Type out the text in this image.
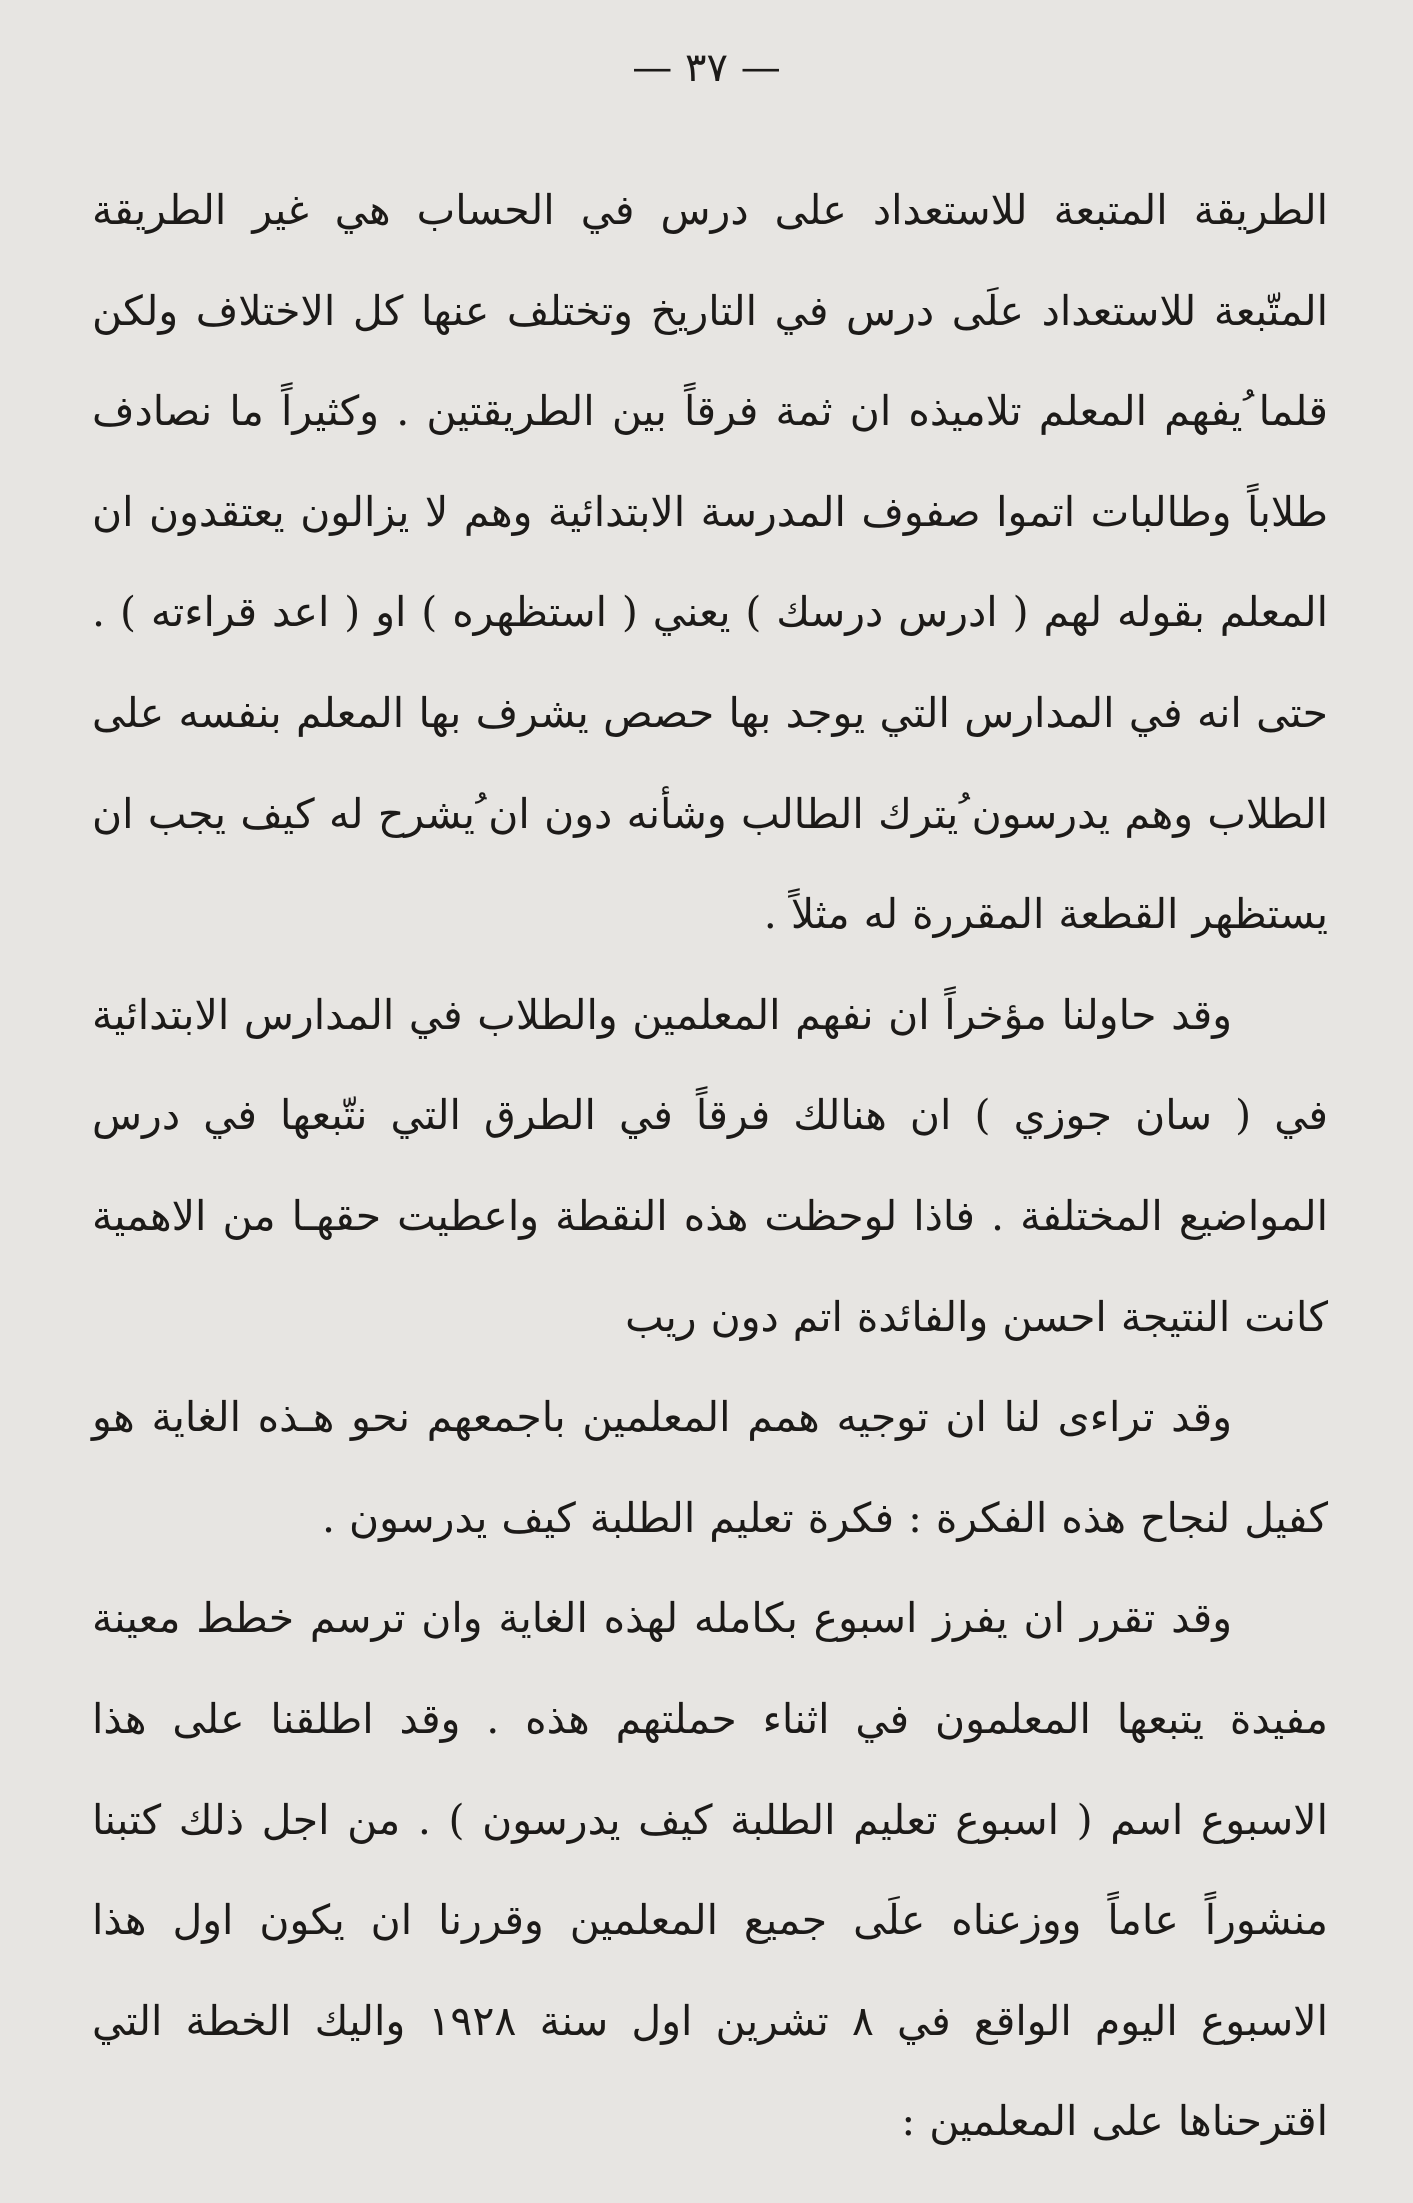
— ٣٧ —

الطريقة المتبعة للاستعداد على درس في الحساب هي غير الطريقة المتّبعة للاستعداد علَى درس في التاريخ وتختلف عنها كل الاختلاف ولكن قلما ُيفهم المعلم تلاميذه ان ثمة فرقاً بين الطريقتين . وكثيراً ما نصادف طلاباً وطالبات اتموا صفوف المدرسة الابتدائية وهم لا يزالون يعتقدون ان المعلم بقوله لهم ( ادرس درسك ) يعني ( استظهره ) او ( اعد قراءته ) . حتى انه في المدارس التي يوجد بها حصص يشرف بها المعلم بنفسه على الطلاب وهم يدرسون ُيترك الطالب وشأنه دون ان ُيشرح له كيف يجب ان يستظهر القطعة المقررة له مثلاً .

وقد حاولنا مؤخراً ان نفهم المعلمين والطلاب في المدارس الابتدائية في ( سان جوزي ) ان هنالك فرقاً في الطرق التي نتّبعها في درس المواضيع المختلفة . فاذا لوحظت هذه النقطة واعطيت حقهـا من الاهمية كانت النتيجة احسن والفائدة اتم دون ريب

وقد تراءى لنا ان توجيه همم المعلمين باجمعهم نحو هـذه الغاية هو كفيل لنجاح هذه الفكرة : فكرة تعليم الطلبة كيف يدرسون .

وقد تقرر ان يفرز اسبوع بكامله لهذه الغاية وان ترسم خطط معينة مفيدة يتبعها المعلمون في اثناء حملتهم هذه . وقد اطلقنا على هذا الاسبوع اسم ( اسبوع تعليم الطلبة كيف يدرسون ) . من اجل ذلك كتبنا منشوراً عاماً ووزعناه علَى جميع المعلمين وقررنا ان يكون اول هذا الاسبوع اليوم الواقع في ٨ تشرين اول سنة ١٩٢٨ واليك الخطة التي اقترحناها على المعلمين :
